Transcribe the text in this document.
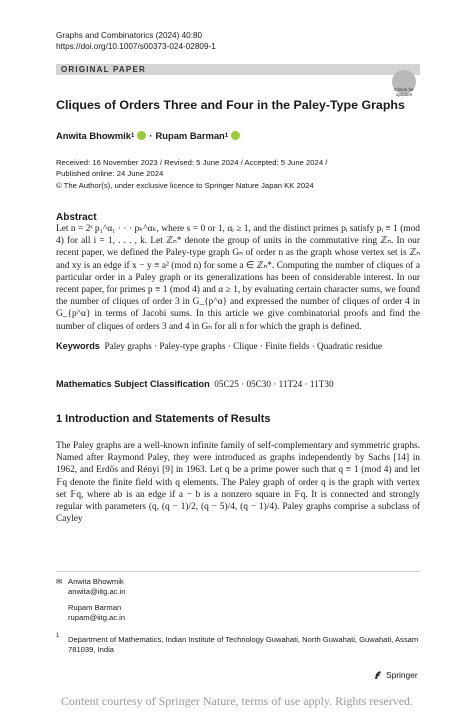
Graphs and Combinatorics (2024) 40:80
https://doi.org/10.1007/s00373-024-02809-1
ORIGINAL PAPER
Check for
updates
Cliques of Orders Three and Four in the Paley-Type Graphs
Anwita Bhowmik 1 · Rupam Barman 1
Received: 16 November 2023 / Revised: 5 June 2024 / Accepted: 5 June 2024 /
Published online: 24 June 2024
© The Author(s), under exclusive licence to Springer Nature Japan KK 2024
Abstract
Let n = 2ˢ p₁^α₁ · · · pₖ^αₖ, where s = 0 or 1, αᵢ ≥ 1, and the distinct primes pᵢ satisfy pᵢ ≡ 1 (mod 4) for all i = 1, . . . , k. Let ℤₙ* denote the group of units in the commutative ring ℤₙ. In our recent paper, we defined the Paley-type graph Gₙ of order n as the graph whose vertex set is ℤₙ and xy is an edge if x − y ≡ a² (mod n) for some a ∈ ℤₙ*. Computing the number of cliques of a particular order in a Paley graph or its generalizations has been of considerable interest. In our recent paper, for primes p ≡ 1 (mod 4) and α ≥ 1, by evaluating certain character sums, we found the number of cliques of order 3 in G_{p^α} and expressed the number of cliques of order 4 in G_{p^α} in terms of Jacobi sums. In this article we give combinatorial proofs and find the number of cliques of orders 3 and 4 in Gₙ for all n for which the graph is defined.
Keywords Paley graphs · Paley-type graphs · Clique · Finite fields · Quadratic residue
Mathematics Subject Classification 05C25 · 05C30 · 11T24 · 11T30
1 Introduction and Statements of Results
The Paley graphs are a well-known infinite family of self-complementary and symmetric graphs. Named after Raymond Paley, they were introduced as graphs independently by Sachs [14] in 1962, and Erdős and Rényi [9] in 1963. Let q be a prime power such that q ≡ 1 (mod 4) and let 𝔽q denote the finite field with q elements. The Paley graph of order q is the graph with vertex set 𝔽q, where ab is an edge if a − b is a nonzero square in 𝔽q. It is connected and strongly regular with parameters (q, (q − 1)/2, (q − 5)/4, (q − 1)/4). Paley graphs comprise a subclass of Cayley
✉ Anwita Bhowmik
anwita@iitg.ac.in
Rupam Barman
rupam@iitg.ac.in
1 Department of Mathematics, Indian Institute of Technology Guwahati, North Guwahati, Guwahati, Assam 781039, India
Springer
Content courtesy of Springer Nature, terms of use apply. Rights reserved.
